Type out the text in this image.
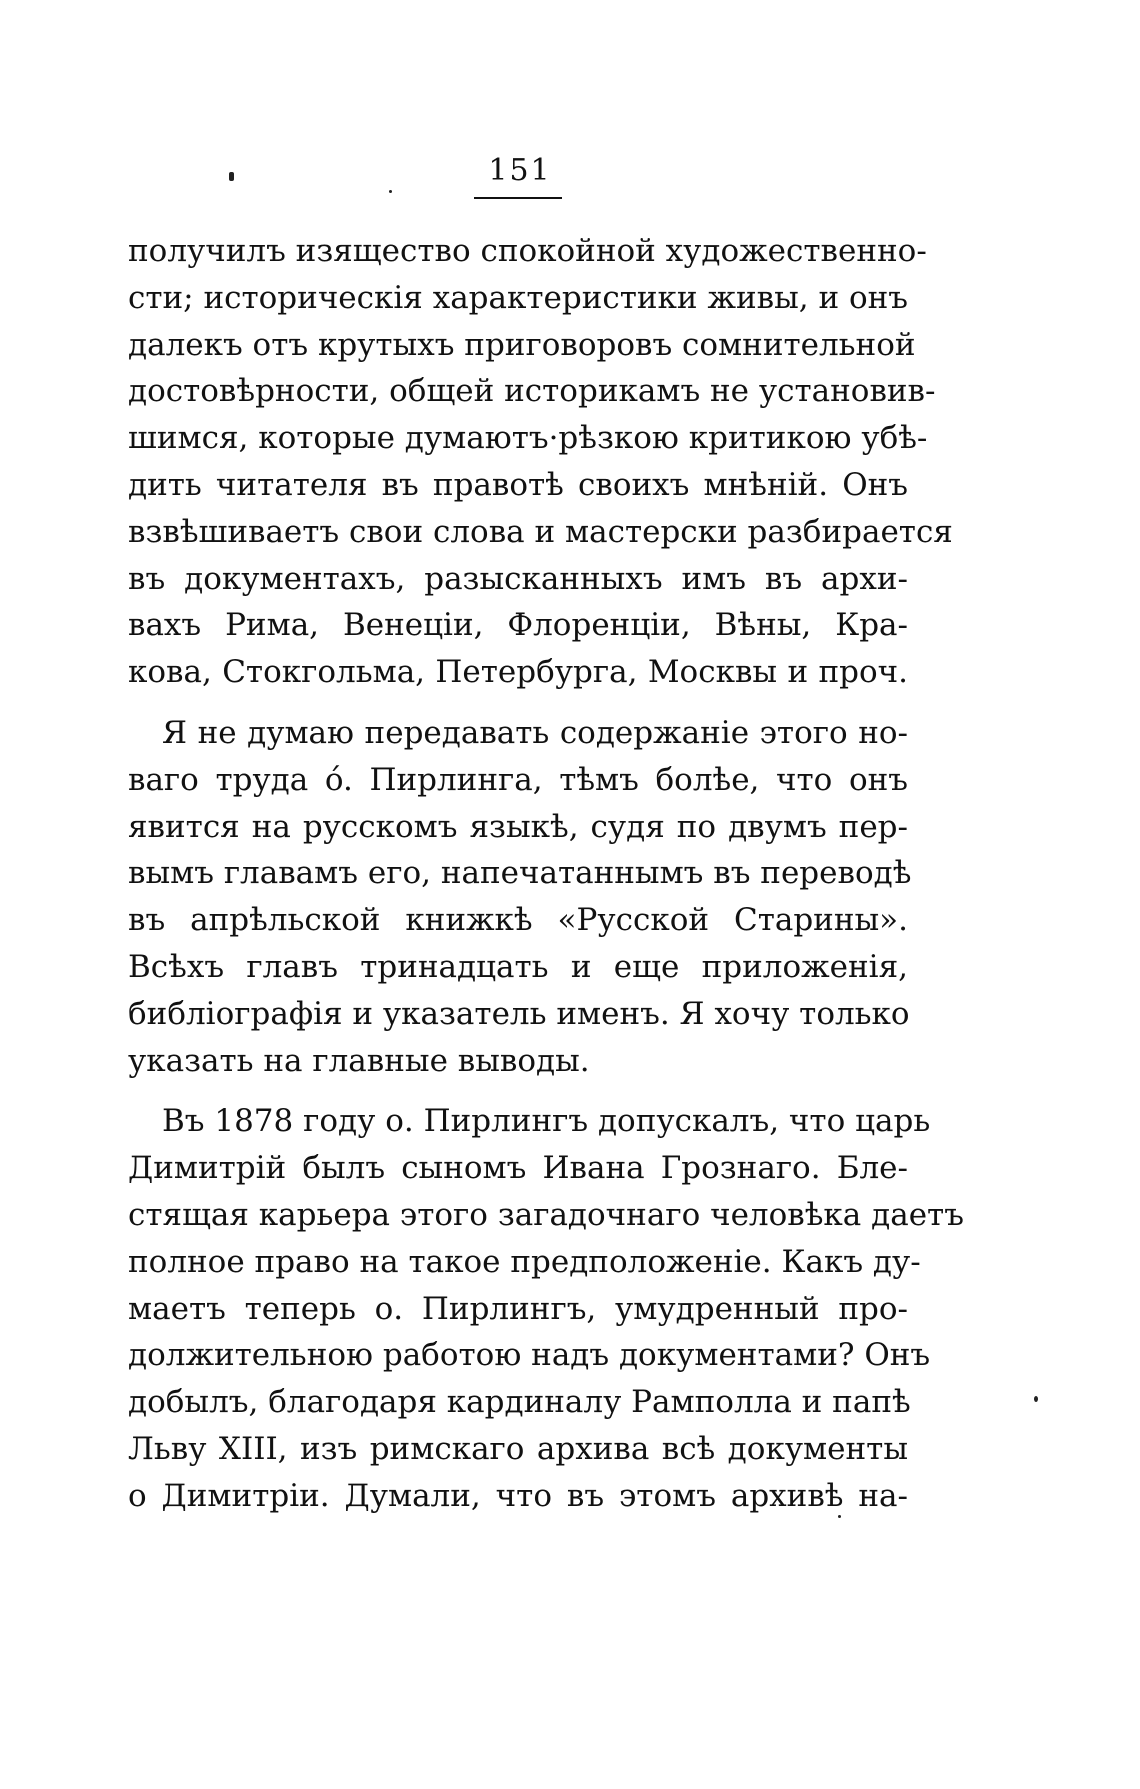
151
получилъ изящество спокойной художественно-
сти; историческія характеристики живы, и онъ
далекъ отъ крутыхъ приговоровъ сомнительной
достовѣрности, общей историкамъ не установив-
шимся, которые думаютъ·рѣзкою критикою убѣ-
дить читателя въ правотѣ своихъ мнѣній. Онъ
взвѣшиваетъ свои слова и мастерски разбирается
въ документахъ, разысканныхъ имъ въ архи-
вахъ Рима, Венеціи, Флоренціи, Вѣны, Кра-
кова, Стокгольма, Петербурга, Москвы и проч.
Я не думаю передавать содержаніе этого но-
ваго труда ó. Пирлинга, тѣмъ болѣе, что онъ
явится на русскомъ языкѣ, судя по двумъ пер-
вымъ главамъ его, напечатаннымъ въ переводѣ
въ апрѣльской книжкѣ «Русской Старины».
Всѣхъ главъ тринадцать и еще приложенія,
библіографія и указатель именъ. Я хочу только
указать на главные выводы.
Въ 1878 году о. Пирлингъ допускалъ, что царь
Димитрій былъ сыномъ Ивана Грознаго. Бле-
стящая карьера этого загадочнаго человѣка даетъ
полное право на такое предположеніе. Какъ ду-
маетъ теперь о. Пирлингъ, умудренный про-
должительною работою надъ документами? Онъ
добылъ, благодаря кардиналу Рамполла и папѣ
Льву XIII, изъ римскаго архива всѣ документы
о Димитріи. Думали, что въ этомъ архивѣ на-
